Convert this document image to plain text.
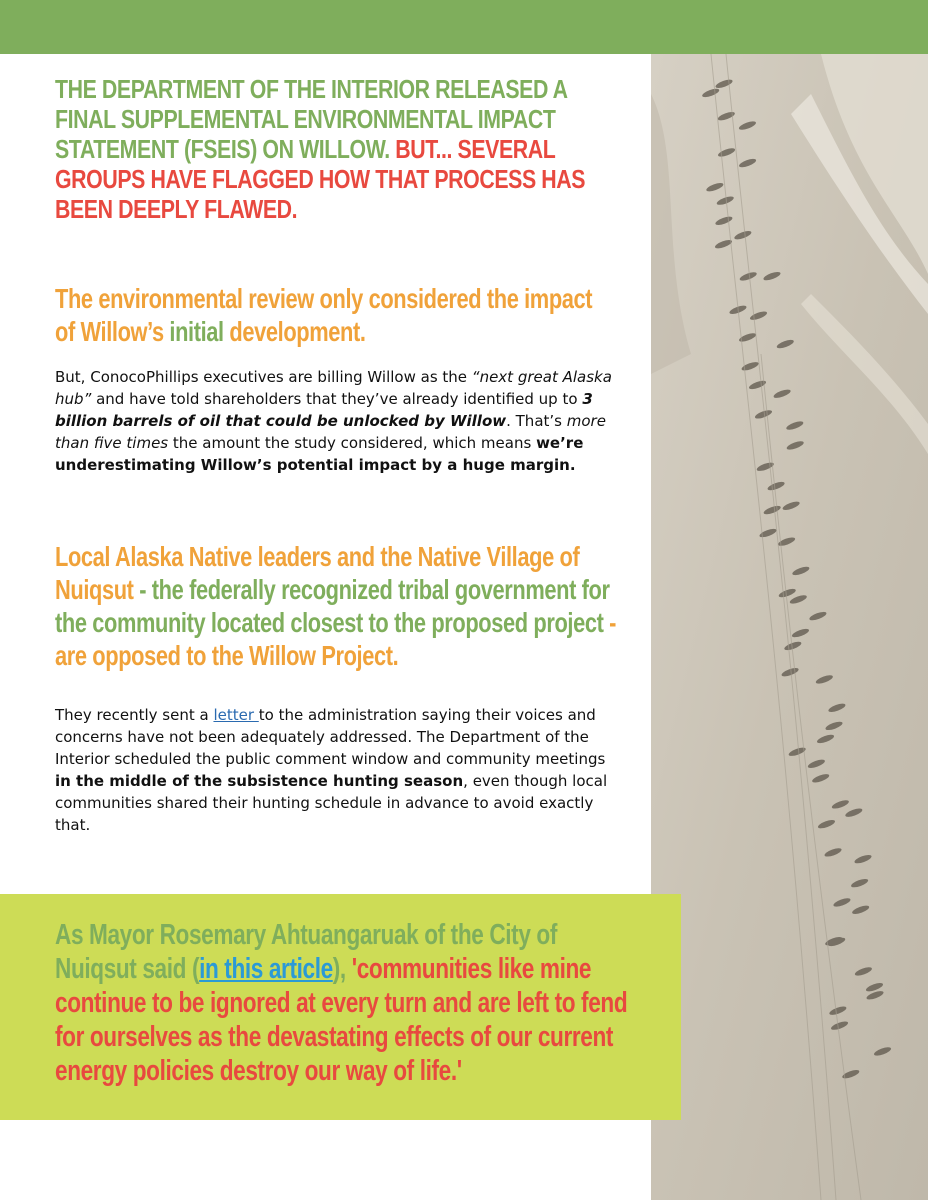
THE DEPARTMENT OF THE INTERIOR RELEASED A FINAL SUPPLEMENTAL ENVIRONMENTAL IMPACT STATEMENT (FSEIS) ON WILLOW. BUT... SEVERAL GROUPS HAVE FLAGGED HOW THAT PROCESS HAS BEEN DEEPLY FLAWED.
The environmental review only considered the impact of Willow’s initial development.
But, ConocoPhillips executives are billing Willow as the “next great Alaska hub” and have told shareholders that they’ve already identified up to 3 billion barrels of oil that could be unlocked by Willow. That’s more than five times the amount the study considered, which means we’re underestimating Willow’s potential impact by a huge margin.
Local Alaska Native leaders and the Native Village of Nuiqsut - the federally recognized tribal government for the community located closest to the proposed project - are opposed to the Willow Project.
They recently sent a letter to the administration saying their voices and concerns have not been adequately addressed. The Department of the Interior scheduled the public comment window and community meetings in the middle of the subsistence hunting season, even though local communities shared their hunting schedule in advance to avoid exactly that.
As Mayor Rosemary Ahtuangaruak of the City of Nuiqsut said (in this article), 'communities like mine continue to be ignored at every turn and are left to fend for ourselves as the devastating effects of our current energy policies destroy our way of life.'
